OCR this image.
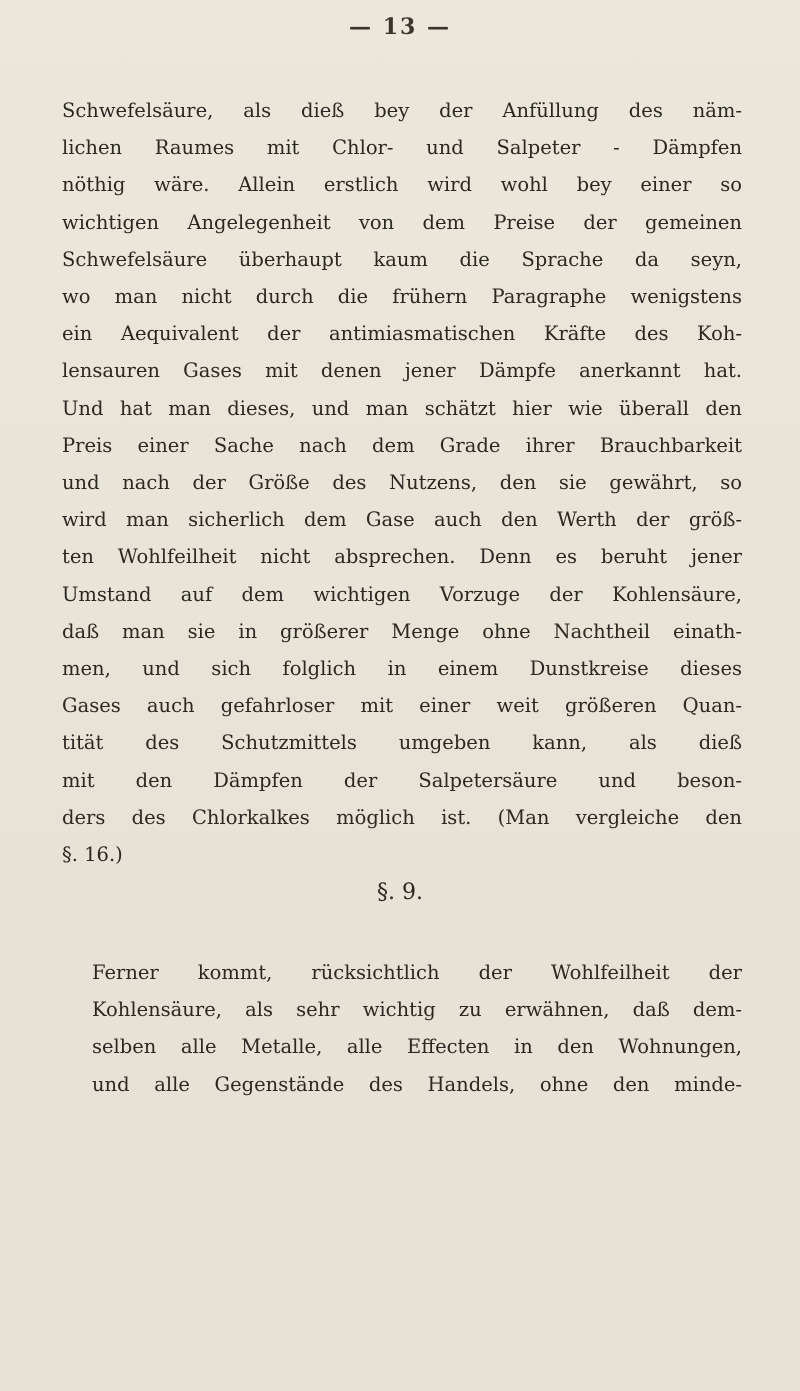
— 13 —
Schwefelsäure, als dieß bey der Anfüllung des näm-
lichen Raumes mit Chlor- und Salpeter - Dämpfen
nöthig wäre. Allein erstlich wird wohl bey einer so
wichtigen Angelegenheit von dem Preise der gemeinen
Schwefelsäure überhaupt kaum die Sprache da seyn,
wo man nicht durch die frühern Paragraphe wenigstens
ein Aequivalent der antimiasmatischen Kräfte des Koh-
lensauren Gases mit denen jener Dämpfe anerkannt hat.
Und hat man dieses, und man schätzt hier wie überall den
Preis einer Sache nach dem Grade ihrer Brauchbarkeit
und nach der Größe des Nutzens, den sie gewährt, so
wird man sicherlich dem Gase auch den Werth der größ-
ten Wohlfeilheit nicht absprechen. Denn es beruht jener
Umstand auf dem wichtigen Vorzuge der Kohlensäure,
daß man sie in größerer Menge ohne Nachtheil einath-
men, und sich folglich in einem Dunstkreise dieses
Gases auch gefahrloser mit einer weit größeren Quan-
tität des Schutzmittels umgeben kann, als dieß
mit den Dämpfen der Salpetersäure und beson-
ders des Chlorkalkes möglich ist. (Man vergleiche den
§. 16.)
§. 9.
Ferner kommt, rücksichtlich der Wohlfeilheit der
Kohlensäure, als sehr wichtig zu erwähnen, daß dem-
selben alle Metalle, alle Effecten in den Wohnungen,
und alle Gegenstände des Handels, ohne den minde-
